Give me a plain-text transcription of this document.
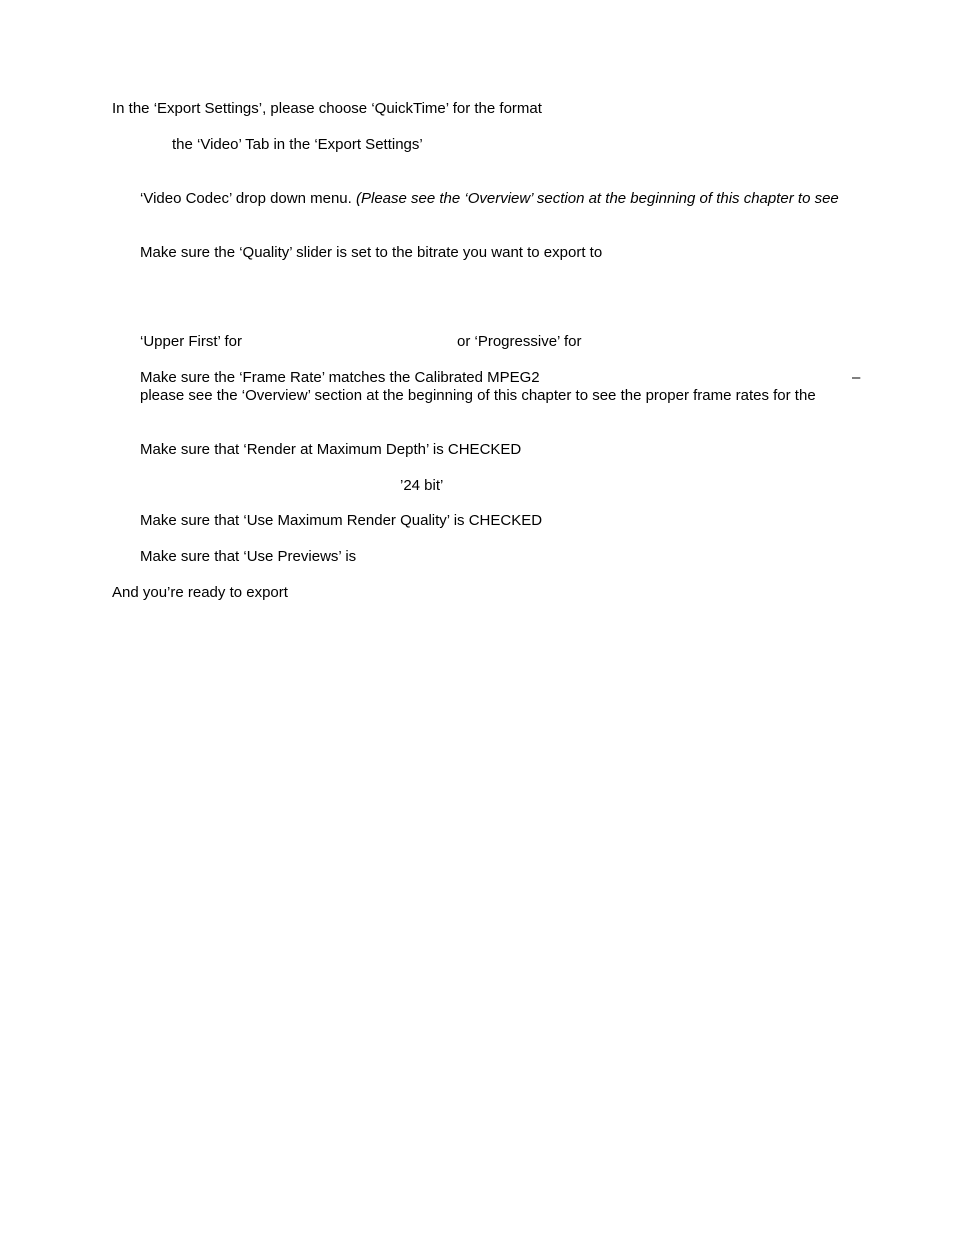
In the ‘Export Settings’, please choose ‘QuickTime’ for the format
the ‘Video’ Tab in the ‘Export Settings’
‘Video Codec’ drop down menu. (Please see the ‘Overview’ section at the beginning of this chapter to see
Make sure the ‘Quality’ slider is set to the bitrate you want to export to
‘Upper First’ for	or ‘Progressive’ for
Make sure the ‘Frame Rate’ matches the Calibrated MPEG2	–
please see the ‘Overview’ section at the beginning of this chapter to see the proper frame rates for the
Make sure that ‘Render at Maximum Depth’ is CHECKED
’24 bit’
Make sure that ‘Use Maximum Render Quality’ is CHECKED
Make sure that ‘Use Previews’ is
And you’re ready to export
